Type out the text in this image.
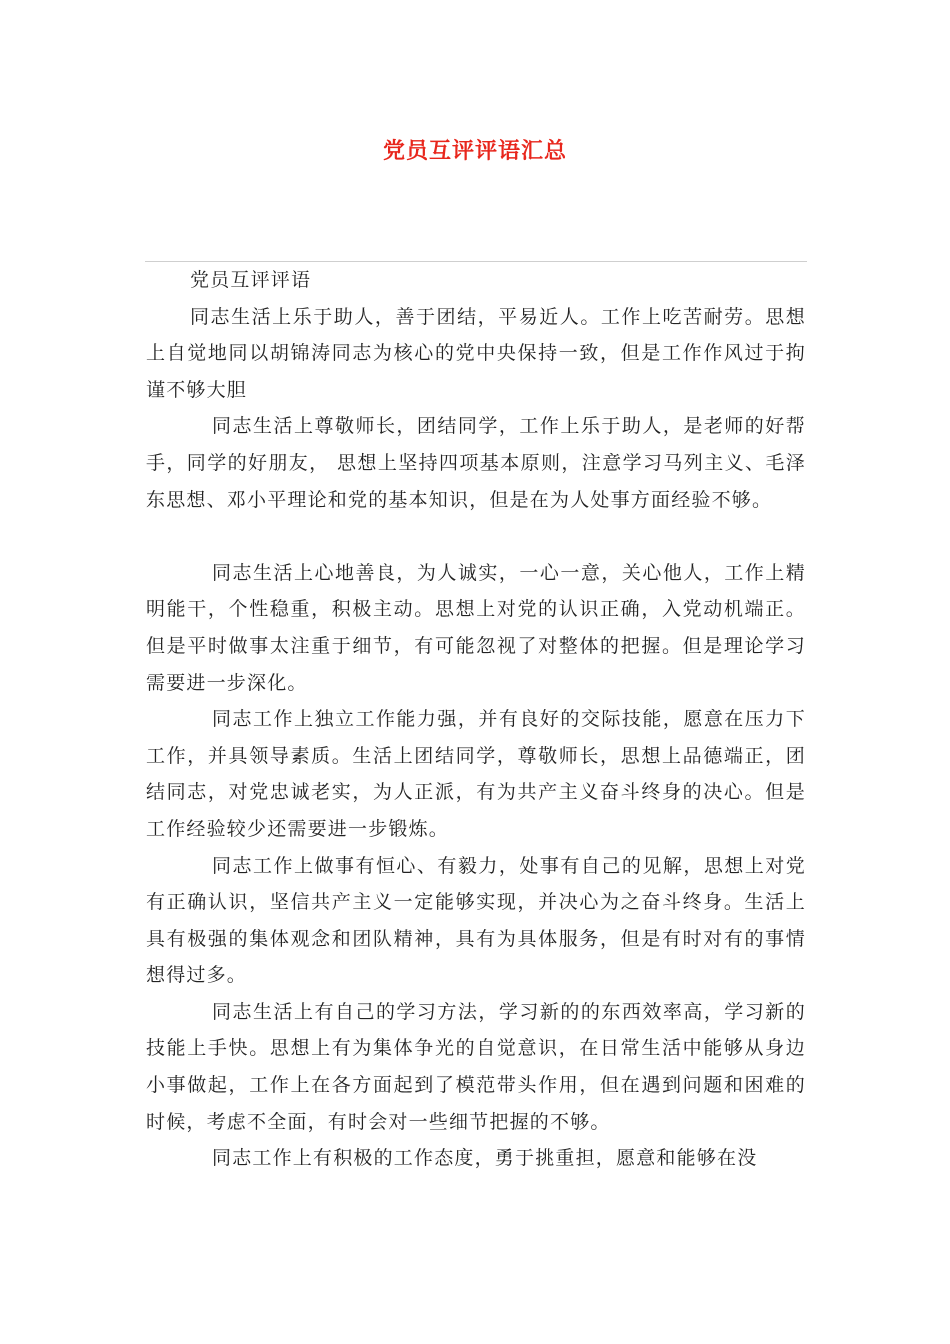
党员互评评语汇总

党员互评评语

同志生活上乐于助人，善于团结，平易近人。工作上吃苦耐劳。思想上自觉地同以胡锦涛同志为核心的党中央保持一致，但是工作作风过于拘谨不够大胆

同志生活上尊敬师长，团结同学，工作上乐于助人，是老师的好帮手，同学的好朋友， 思想上坚持四项基本原则，注意学习马列主义、毛泽东思想、邓小平理论和党的基本知识，但是在为人处事方面经验不够。

同志生活上心地善良，为人诚实，一心一意，关心他人，工作上精明能干，个性稳重，积极主动。思想上对党的认识正确，入党动机端正。但是平时做事太注重于细节，有可能忽视了对整体的把握。但是理论学习需要进一步深化。

同志工作上独立工作能力强，并有良好的交际技能，愿意在压力下工作，并具领导素质。生活上团结同学，尊敬师长，思想上品德端正，团结同志，对党忠诚老实，为人正派，有为共产主义奋斗终身的决心。但是工作经验较少还需要进一步锻炼。

同志工作上做事有恒心、有毅力，处事有自己的见解，思想上对党有正确认识，坚信共产主义一定能够实现，并决心为之奋斗终身。生活上具有极强的集体观念和团队精神，具有为具体服务，但是有时对有的事情想得过多。

同志生活上有自己的学习方法，学习新的的东西效率高，学习新的技能上手快。思想上有为集体争光的自觉意识，在日常生活中能够从身边小事做起，工作上在各方面起到了模范带头作用，但在遇到问题和困难的时候，考虑不全面，有时会对一些细节把握的不够。

同志工作上有积极的工作态度，勇于挑重担，愿意和能够在没
